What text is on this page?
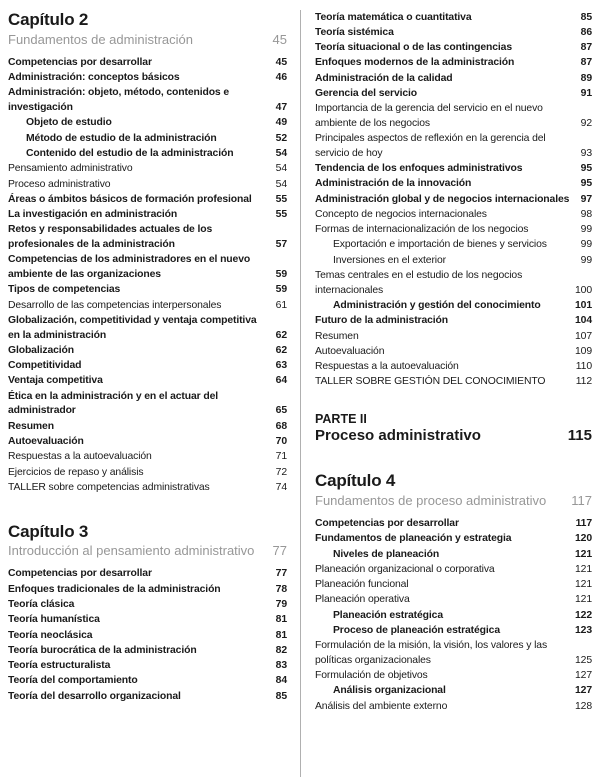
Capítulo 2
Fundamentos de administración	45
Competencias por desarrollar	45
Administración: conceptos básicos	46
Administración: objeto, método, contenidos e investigación	47
Objeto de estudio	49
Método de estudio de la administración	52
Contenido del estudio de la administración	54
Pensamiento administrativo	54
Proceso administrativo	54
Áreas o ámbitos básicos de formación profesional	55
La investigación en administración	55
Retos y responsabilidades actuales de los profesionales de la administración	57
Competencias de los administradores en el nuevo ambiente de las organizaciones	59
Tipos de competencias	59
Desarrollo de las competencias interpersonales	61
Globalización, competitividad y ventaja competitiva en la administración	62
Globalización	62
Competitividad	63
Ventaja competitiva	64
Ética en la administración y en el actuar del administrador	65
Resumen	68
Autoevaluación	70
Respuestas a la autoevaluación	71
Ejercicios de repaso y análisis	72
TALLER sobre competencias administrativas	74
Capítulo 3
Introducción al pensamiento administrativo	77
Competencias por desarrollar	77
Enfoques tradicionales de la administración	78
Teoría clásica	79
Teoría humanística	81
Teoría neoclásica	81
Teoría burocrática de la administración	82
Teoría estructuralista	83
Teoría del comportamiento	84
Teoría del desarrollo organizacional	85
Teoría matemática o cuantitativa	85
Teoría sistémica	86
Teoría situacional o de las contingencias	87
Enfoques modernos de la administración	87
Administración de la calidad	89
Gerencia del servicio	91
Importancia de la gerencia del servicio en el nuevo ambiente de los negocios	92
Principales aspectos de reflexión en la gerencia del servicio de hoy	93
Tendencia de los enfoques administrativos	95
Administración de la innovación	95
Administración global y de negocios internacionales	97
Concepto de negocios internacionales	98
Formas de internacionalización de los negocios	99
Exportación e importación de bienes y servicios	99
Inversiones en el exterior	99
Temas centrales en el estudio de los negocios internacionales	100
Administración y gestión del conocimiento	101
Futuro de la administración	104
Resumen	107
Autoevaluación	109
Respuestas a la autoevaluación	110
TALLER SOBRE GESTIÓN DEL CONOCIMIENTO	112
PARTE II
Proceso administrativo	115
Capítulo 4
Fundamentos de proceso administrativo	117
Competencias por desarrollar	117
Fundamentos de planeación y estrategia	120
Niveles de planeación	121
Planeación organizacional o corporativa	121
Planeación funcional	121
Planeación operativa	121
Planeación estratégica	122
Proceso de planeación estratégica	123
Formulación de la misión, la visión, los valores y las políticas organizacionales	125
Formulación de objetivos	127
Análisis organizacional	127
Análisis del ambiente externo	128
